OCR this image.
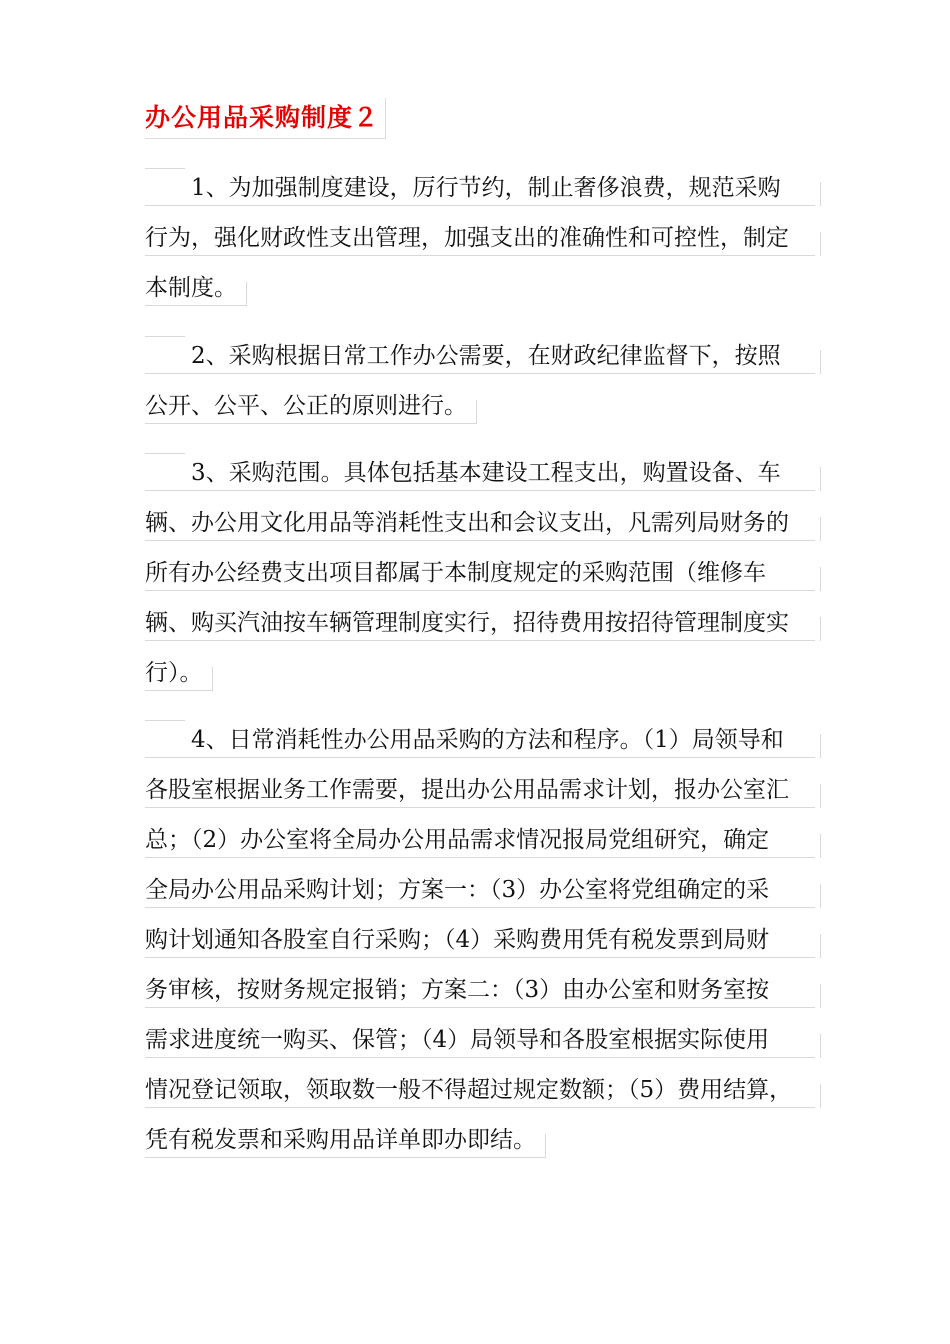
办公用品采购制度２
1、为加强制度建设，厉行节约，制止奢侈浪费，规范采购
行为，强化财政性支出管理，加强支出的准确性和可控性，制定
本制度。
2、采购根据日常工作办公需要，在财政纪律监督下，按照
公开、公平、公正的原则进行。
3、采购范围。具体包括基本建设工程支出，购置设备、车
辆、办公用文化用品等消耗性支出和会议支出，凡需列局财务的
所有办公经费支出项目都属于本制度规定的采购范围（维修车
辆、购买汽油按车辆管理制度实行，招待费用按招待管理制度实
行）。
4、日常消耗性办公用品采购的方法和程序。（1）局领导和
各股室根据业务工作需要，提出办公用品需求计划，报办公室汇
总；（2）办公室将全局办公用品需求情况报局党组研究，确定
全局办公用品采购计划；方案一：（3）办公室将党组确定的采
购计划通知各股室自行采购；（4）采购费用凭有税发票到局财
务审核，按财务规定报销；方案二：（3）由办公室和财务室按
需求进度统一购买、保管；（4）局领导和各股室根据实际使用
情况登记领取，领取数一般不得超过规定数额；（5）费用结算，
凭有税发票和采购用品详单即办即结。
